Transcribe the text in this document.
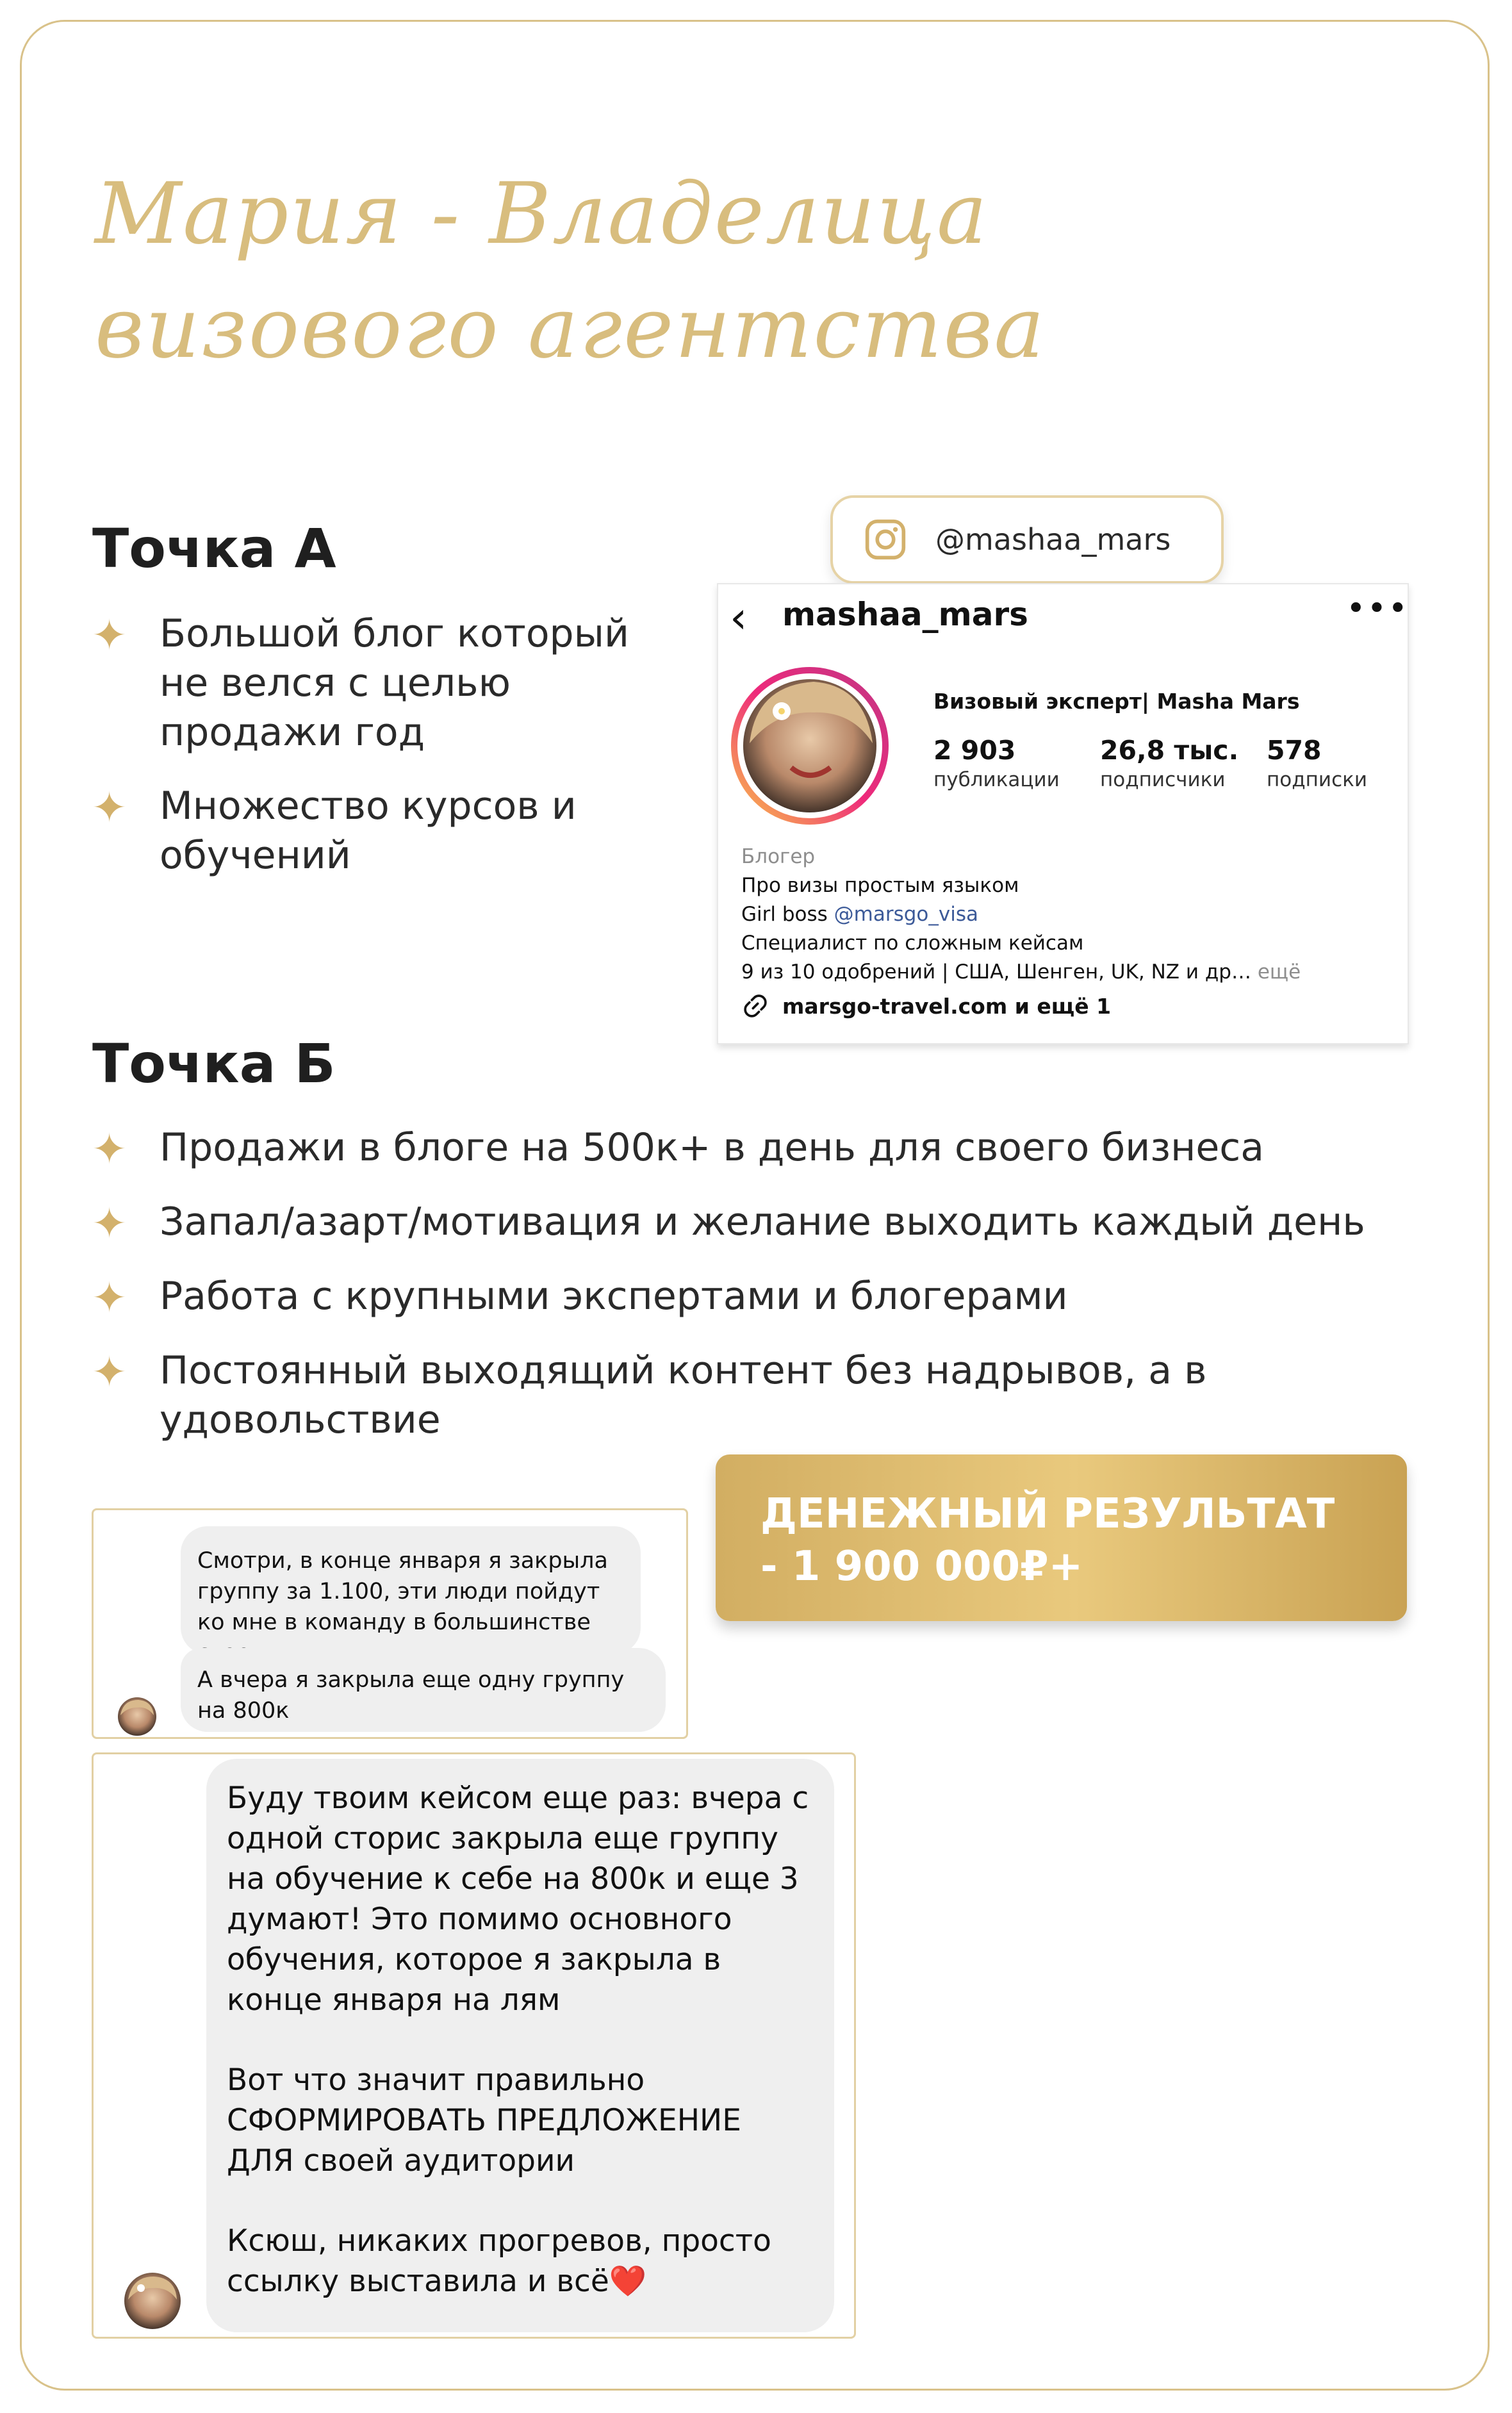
Мария - Владелица визового агентства
Точка А
✦ Большой блог который не велся с целью продажи год
✦ Множество курсов и обучений
@mashaa_mars
‹ mashaa_mars	•••
Визовый эксперт| Masha Mars
2 903
публикации
26,8 тыс.
подписчики
578
подписки
Блогер
Про визы простым языком
Girl boss @marsgo_visa
Специалист по сложным кейсам
9 из 10 одобрений | США, Шенген, UK, NZ и др… ещё
marsgo-travel.com и ещё 1
Точка Б
✦ Продажи в блоге на 500к+ в день для своего бизнеса
✦ Запал/азарт/мотивация и желание выходить каждый день
✦ Работа с крупными экспертами и блогерами
✦ Постоянный выходящий контент без надрывов, а в удовольствие
ДЕНЕЖНЫЙ РЕЗУЛЬТАТ - 1 900 000₽+
Смотри, в конце января я закрыла группу за 1.100, эти люди пойдут ко мне в команду в большинстве
А вчера я закрыла еще одну группу на 800к

Буду твоим кейсом еще раз: вчера с одной сторис закрыла еще группу на обучение к себе на 800к и еще 3 думают! Это помимо основного обучения, которое я закрыла в конце января на лям

Вот что значит правильно СФОРМИРОВАТЬ ПРЕДЛОЖЕНИЕ ДЛЯ своей аудитории

Ксюш, никаких прогревов, просто ссылку выставила и всё❤️
